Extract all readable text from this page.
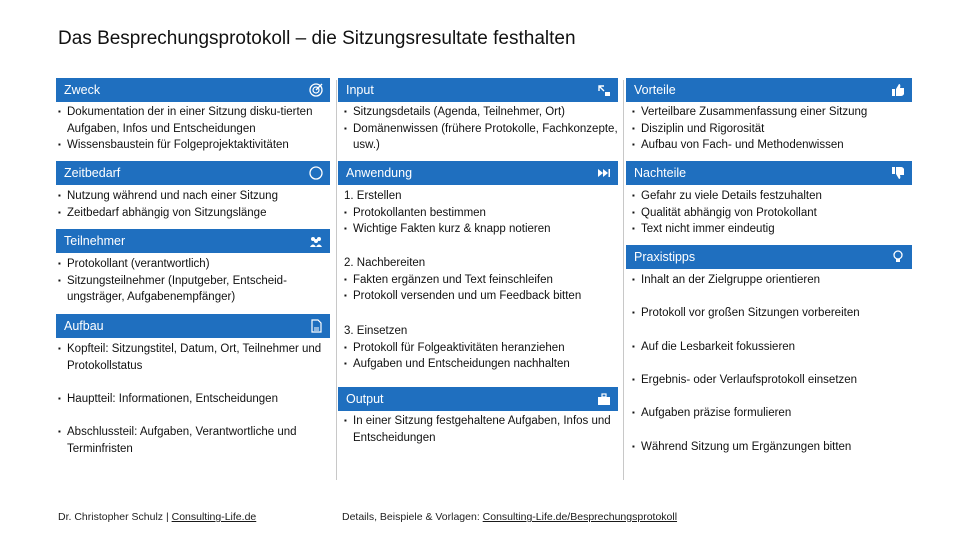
Das Besprechungsprotokoll – die Sitzungsresultate festhalten
Zweck
▪ Dokumentation der in einer Sitzung disku-tierten Aufgaben, Infos und Entscheidungen
▪ Wissensbaustein für Folgeprojektaktivitäten
Zeitbedarf
▪ Nutzung während und nach einer Sitzung
▪ Zeitbedarf abhängig von Sitzungslänge
Teilnehmer
▪ Protokollant (verantwortlich)
▪ Sitzungsteilnehmer (Inputgeber, Entscheid-ungsträger, Aufgabenempfänger)
Aufbau
▪ Kopfteil: Sitzungstitel, Datum, Ort, Teilnehmer und Protokollstatus
▪ Hauptteil: Informationen, Entscheidungen
▪ Abschlussteil: Aufgaben, Verantwortliche und Terminfristen
Input
▪ Sitzungsdetails (Agenda, Teilnehmer, Ort)
▪ Domänenwissen (frühere Protokolle, Fachkonzepte, usw.)
Anwendung
1. Erstellen
▪ Protokollanten bestimmen
▪ Wichtige Fakten kurz & knapp notieren
2. Nachbereiten
▪ Fakten ergänzen und Text feinschleifen
▪ Protokoll versenden und um Feedback bitten
3. Einsetzen
▪ Protokoll für Folgeaktivitäten heranziehen
▪ Aufgaben und Entscheidungen nachhalten
Output
▪ In einer Sitzung festgehaltene Aufgaben, Infos und Entscheidungen
Vorteile
▪ Verteilbare Zusammenfassung einer Sitzung
▪ Disziplin und Rigorosität
▪ Aufbau von Fach- und Methodenwissen
Nachteile
▪ Gefahr zu viele Details festzuhalten
▪ Qualität abhängig von Protokollant
▪ Text nicht immer eindeutig
Praxistipps
▪ Inhalt an der Zielgruppe orientieren
▪ Protokoll vor großen Sitzungen vorbereiten
▪ Auf die Lesbarkeit fokussieren
▪ Ergebnis- oder Verlaufsprotokoll einsetzen
▪ Aufgaben präzise formulieren
▪ Während Sitzung um Ergänzungen bitten
Dr. Christopher Schulz | Consulting-Life.de	Details, Beispiele & Vorlagen: Consulting-Life.de/Besprechungsprotokoll
